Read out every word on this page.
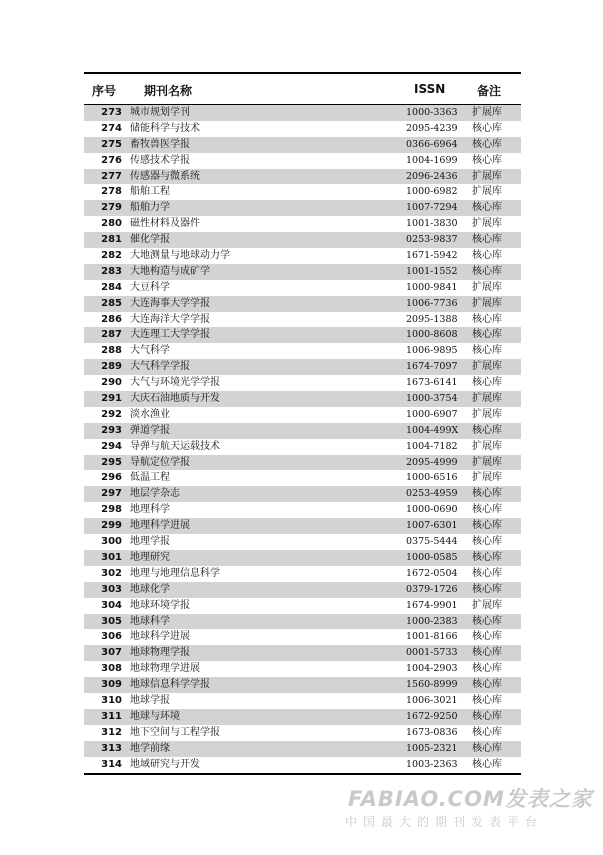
序号 期刊名称	ISSN	备注
273 城市规划学刊	1000-3363 扩展库
274 储能科学与技术	2095-4239 核心库
275 畜牧兽医学报	0366-6964 核心库
276 传感技术学报	1004-1699 核心库
277 传感器与微系统	2096-2436 扩展库
278 船舶工程	1000-6982 扩展库
279 船舶力学	1007-7294 核心库
280 磁性材料及器件	1001-3830 扩展库
281 催化学报	0253-9837 核心库
282 大地测量与地球动力学	1671-5942 核心库
283 大地构造与成矿学	1001-1552 核心库
284 大豆科学	1000-9841 扩展库
285 大连海事大学学报	1006-7736 扩展库
286 大连海洋大学学报	2095-1388 核心库
287 大连理工大学学报	1000-8608 核心库
288 大气科学	1006-9895 核心库
289 大气科学学报	1674-7097 扩展库
290 大气与环境光学学报	1673-6141 核心库
291 大庆石油地质与开发	1000-3754 扩展库
292 淡水渔业	1000-6907 扩展库
293 弹道学报	1004-499X 核心库
294 导弹与航天运载技术	1004-7182 扩展库
295 导航定位学报	2095-4999 扩展库
296 低温工程	1000-6516 扩展库
297 地层学杂志	0253-4959 核心库
298 地理科学	1000-0690 核心库
299 地理科学进展	1007-6301 核心库
300 地理学报	0375-5444 核心库
301 地理研究	1000-0585 核心库
302 地理与地理信息科学	1672-0504 核心库
303 地球化学	0379-1726 核心库
304 地球环境学报	1674-9901 扩展库
305 地球科学	1000-2383 核心库
306 地球科学进展	1001-8166 核心库
307 地球物理学报	0001-5733 核心库
308 地球物理学进展	1004-2903 核心库
309 地球信息科学学报	1560-8999 核心库
310 地球学报	1006-3021 核心库
311 地球与环境	1672-9250 核心库
312 地下空间与工程学报	1673-0836 核心库
313 地学前缘	1005-2321 核心库
314 地域研究与开发	1003-2363 核心库
FABIAO.COM发表之家
中国最大的期刊发表平台
